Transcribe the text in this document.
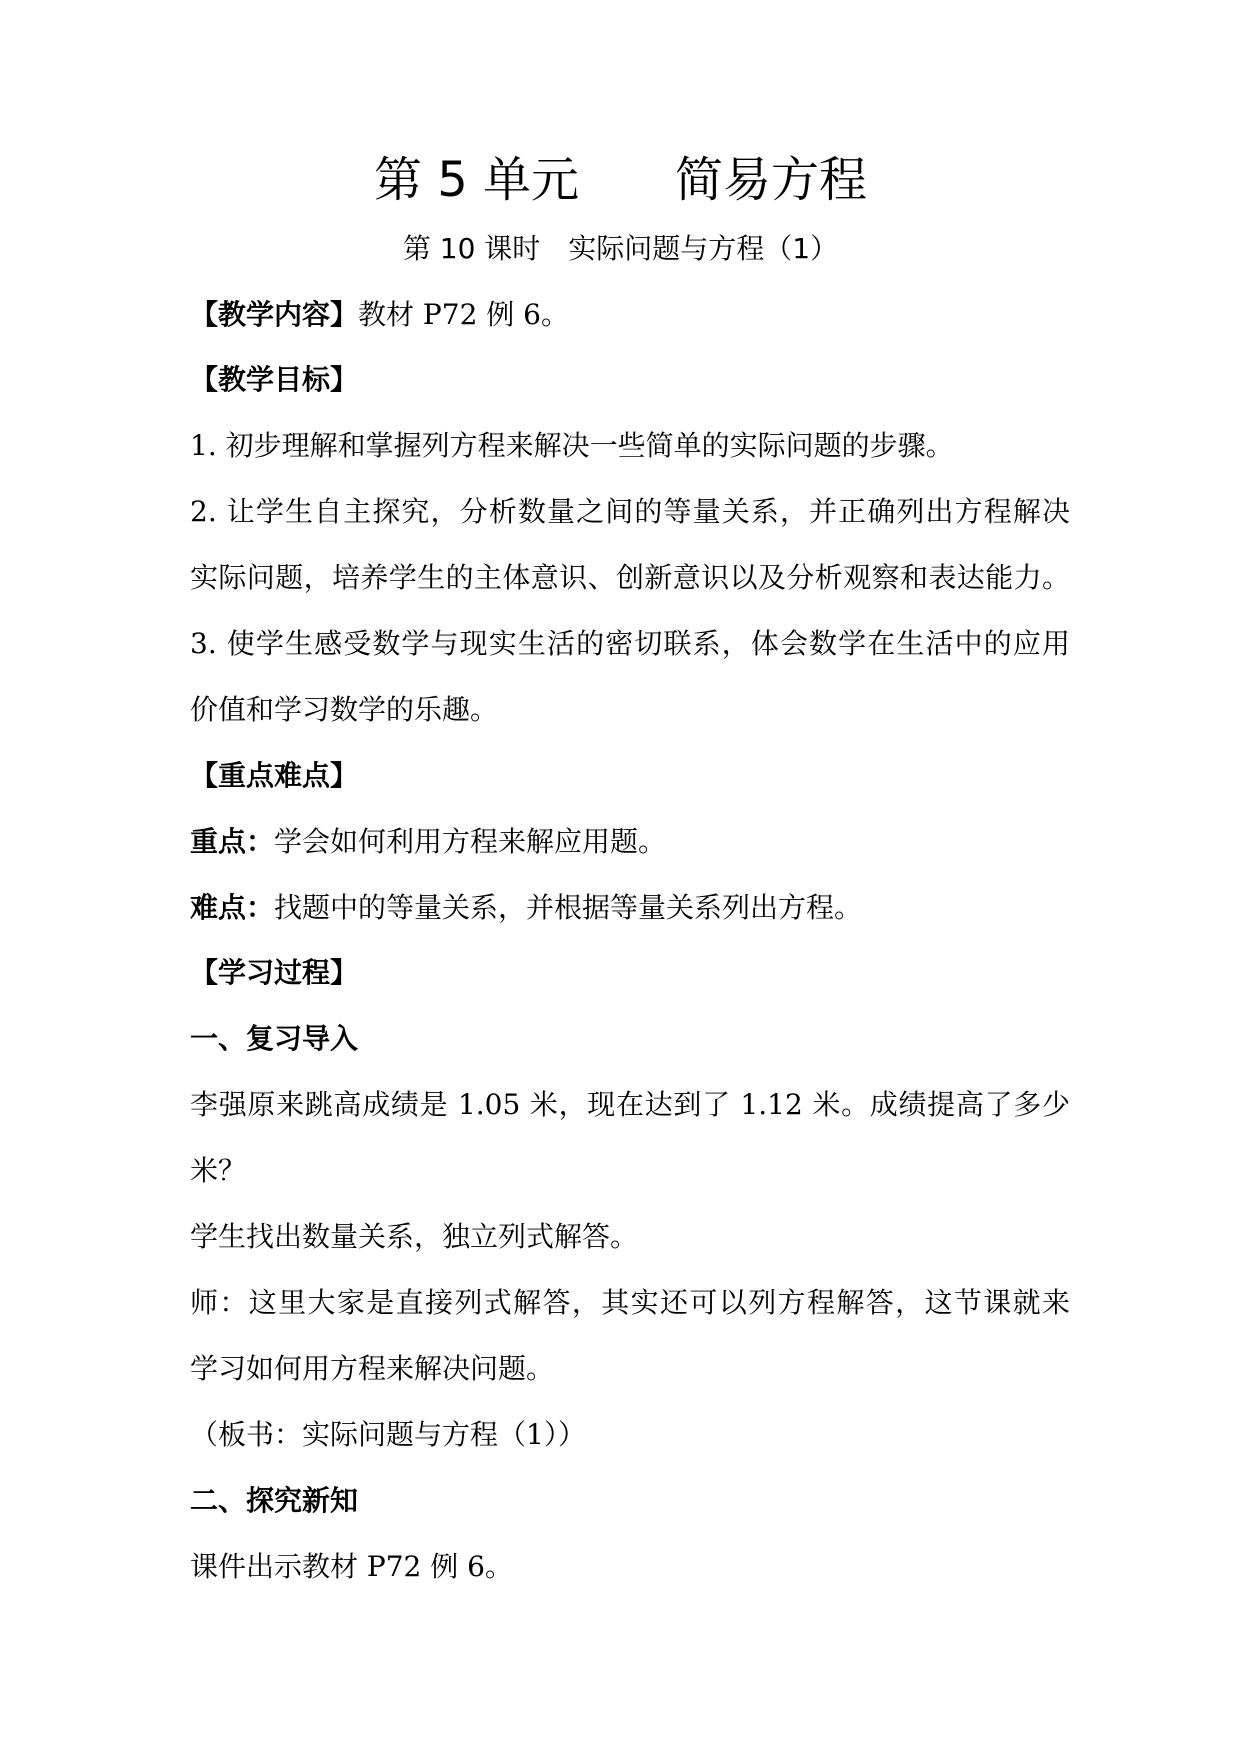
第 5 单元　　简易方程
第 10 课时　实际问题与方程（1）
【教学内容】教材 P72 例 6。
【教学目标】
1. 初步理解和掌握列方程来解决一些简单的实际问题的步骤。
2. 让学生自主探究，分析数量之间的等量关系，并正确列出方程解决
实际问题，培养学生的主体意识、创新意识以及分析观察和表达能力。
3. 使学生感受数学与现实生活的密切联系，体会数学在生活中的应用
价值和学习数学的乐趣。
【重点难点】
重点：学会如何利用方程来解应用题。
难点：找题中的等量关系，并根据等量关系列出方程。
【学习过程】
一、复习导入
李强原来跳高成绩是 1.05 米，现在达到了 1.12 米。成绩提高了多少
米？
学生找出数量关系，独立列式解答。
师：这里大家是直接列式解答，其实还可以列方程解答，这节课就来
学习如何用方程来解决问题。
（板书：实际问题与方程（1））
二、探究新知
课件出示教材 P72 例 6。
